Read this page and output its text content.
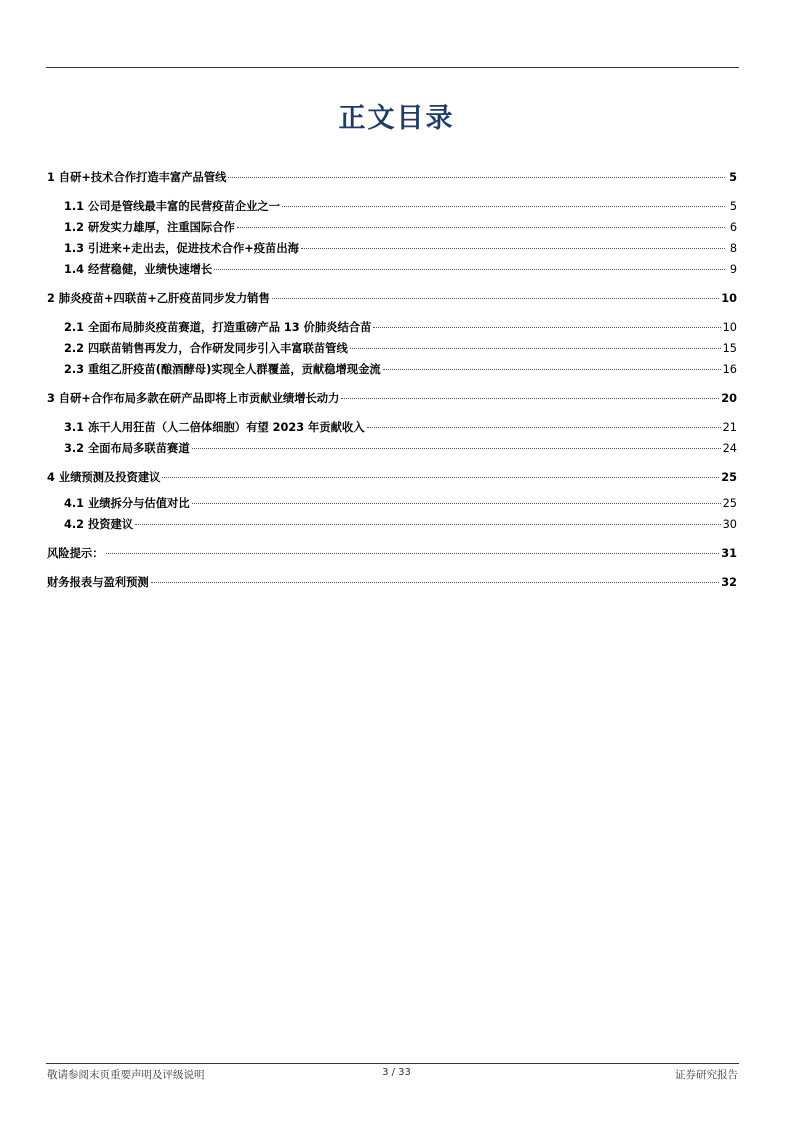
正文目录
1 自研+技术合作打造丰富产品管线	5
1.1 公司是管线最丰富的民营疫苗企业之一	5
1.2 研发实力雄厚，注重国际合作	6
1.3 引进来+走出去，促进技术合作+疫苗出海	8
1.4 经营稳健，业绩快速增长	9
2 肺炎疫苗+四联苗+乙肝疫苗同步发力销售	10
2.1 全面布局肺炎疫苗赛道，打造重磅产品 13 价肺炎结合苗	10
2.2 四联苗销售再发力，合作研发同步引入丰富联苗管线	15
2.3 重组乙肝疫苗(酿酒酵母)实现全人群覆盖，贡献稳增现金流	16
3 自研+合作布局多款在研产品即将上市贡献业绩增长动力	20
3.1 冻干人用狂苗（人二倍体细胞）有望 2023 年贡献收入	21
3.2 全面布局多联苗赛道	24
4 业绩预测及投资建议	25
4.1 业绩拆分与估值对比	25
4.2 投资建议	30
风险提示：	31
财务报表与盈利预测	32
敬请参阅末页重要声明及评级说明	3 / 33	证券研究报告
